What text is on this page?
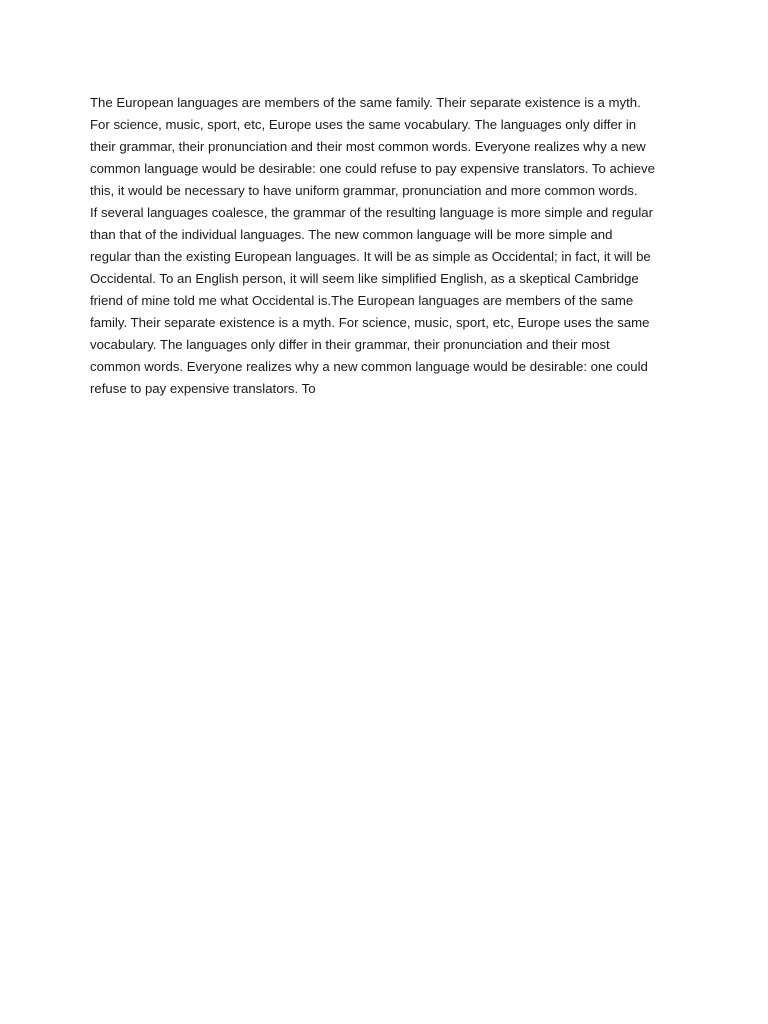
The European languages are members of the same family. Their separate existence is a myth.
For science, music, sport, etc, Europe uses the same vocabulary. The languages only differ in
their grammar, their pronunciation and their most common words. Everyone realizes why a new
common language would be desirable: one could refuse to pay expensive translators. To achieve
this, it would be necessary to have uniform grammar, pronunciation and more common words.
If several languages coalesce, the grammar of the resulting language is more simple and regular
than that of the individual languages. The new common language will be more simple and
regular than the existing European languages. It will be as simple as Occidental; in fact, it will be
Occidental. To an English person, it will seem like simplified English, as a skeptical Cambridge
friend of mine told me what Occidental is.The European languages are members of the same
family. Their separate existence is a myth. For science, music, sport, etc, Europe uses the same
vocabulary. The languages only differ in their grammar, their pronunciation and their most
common words. Everyone realizes why a new common language would be desirable: one could
refuse to pay expensive translators. To
